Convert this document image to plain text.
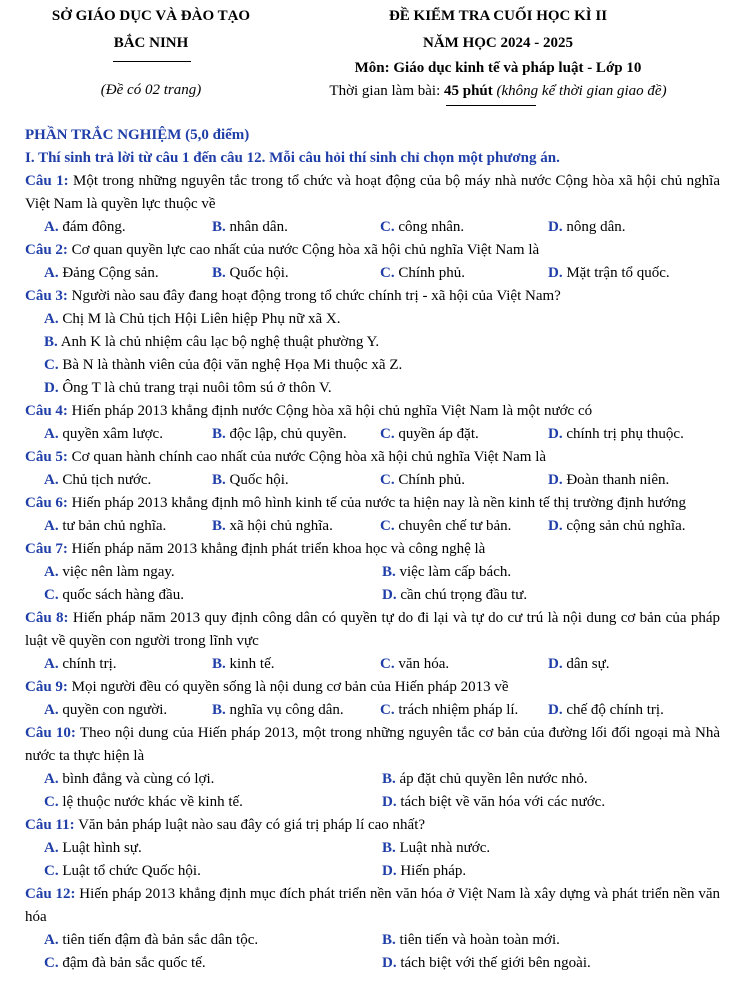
SỞ GIÁO DỤC VÀ ĐÀO TẠO
BẮC NINH
(Đề có 02 trang)
ĐỀ KIỂM TRA CUỐI HỌC KÌ II
NĂM HỌC 2024 - 2025
Môn: Giáo dục kinh tế và pháp luật - Lớp 10
Thời gian làm bài: 45 phút (không kể thời gian giao đề)
PHẦN TRẮC NGHIỆM (5,0 điểm)
I. Thí sinh trả lời từ câu 1 đến câu 12. Mỗi câu hỏi thí sinh chỉ chọn một phương án.
Câu 1: Một trong những nguyên tắc trong tổ chức và hoạt động của bộ máy nhà nước Cộng hòa xã hội chủ nghĩa Việt Nam là quyền lực thuộc về
A. đám đông.	B. nhân dân.	C. công nhân.	D. nông dân.
Câu 2: Cơ quan quyền lực cao nhất của nước Cộng hòa xã hội chủ nghĩa Việt Nam là
A. Đảng Cộng sản.	B. Quốc hội.	C. Chính phủ.	D. Mặt trận tổ quốc.
Câu 3: Người nào sau đây đang hoạt động trong tổ chức chính trị - xã hội của Việt Nam?
A. Chị M là Chủ tịch Hội Liên hiệp Phụ nữ xã X.
B. Anh K là chủ nhiệm câu lạc bộ nghệ thuật phường Y.
C. Bà N là thành viên của đội văn nghệ Họa Mi thuộc xã Z.
D. Ông T là chủ trang trại nuôi tôm sú ở thôn V.
Câu 4: Hiến pháp 2013 khẳng định nước Cộng hòa xã hội chủ nghĩa Việt Nam là một nước có
A. quyền xâm lược.	B. độc lập, chủ quyền.	C. quyền áp đặt.	D. chính trị phụ thuộc.
Câu 5: Cơ quan hành chính cao nhất của nước Cộng hòa xã hội chủ nghĩa Việt Nam là
A. Chủ tịch nước.	B. Quốc hội.	C. Chính phủ.	D. Đoàn thanh niên.
Câu 6: Hiến pháp 2013 khẳng định mô hình kinh tế của nước ta hiện nay là nền kinh tế thị trường định hướng
A. tư bản chủ nghĩa.	B. xã hội chủ nghĩa.	C. chuyên chế tư bản.	D. cộng sản chủ nghĩa.
Câu 7: Hiến pháp năm 2013 khẳng định phát triển khoa học và công nghệ là
A. việc nên làm ngay.	B. việc làm cấp bách.
C. quốc sách hàng đầu.	D. cần chú trọng đầu tư.
Câu 8: Hiến pháp năm 2013 quy định công dân có quyền tự do đi lại và tự do cư trú là nội dung cơ bản của pháp luật về quyền con người trong lĩnh vực
A. chính trị.	B. kinh tế.	C. văn hóa.	D. dân sự.
Câu 9: Mọi người đều có quyền sống là nội dung cơ bản của Hiến pháp 2013 về
A. quyền con người.	B. nghĩa vụ công dân.	C. trách nhiệm pháp lí.	D. chế độ chính trị.
Câu 10: Theo nội dung của Hiến pháp 2013, một trong những nguyên tắc cơ bản của đường lối đối ngoại mà Nhà nước ta thực hiện là
A. bình đẳng và cùng có lợi.	B. áp đặt chủ quyền lên nước nhỏ.
C. lệ thuộc nước khác về kinh tế.	D. tách biệt về văn hóa với các nước.
Câu 11: Văn bản pháp luật nào sau đây có giá trị pháp lí cao nhất?
A. Luật hình sự.	B. Luật nhà nước.
C. Luật tổ chức Quốc hội.	D. Hiến pháp.
Câu 12: Hiến pháp 2013 khẳng định mục đích phát triển nền văn hóa ở Việt Nam là xây dựng và phát triển nền văn hóa
A. tiên tiến đậm đà bản sắc dân tộc.	B. tiên tiến và hoàn toàn mới.
C. đậm đà bản sắc quốc tế.	D. tách biệt với thế giới bên ngoài.
